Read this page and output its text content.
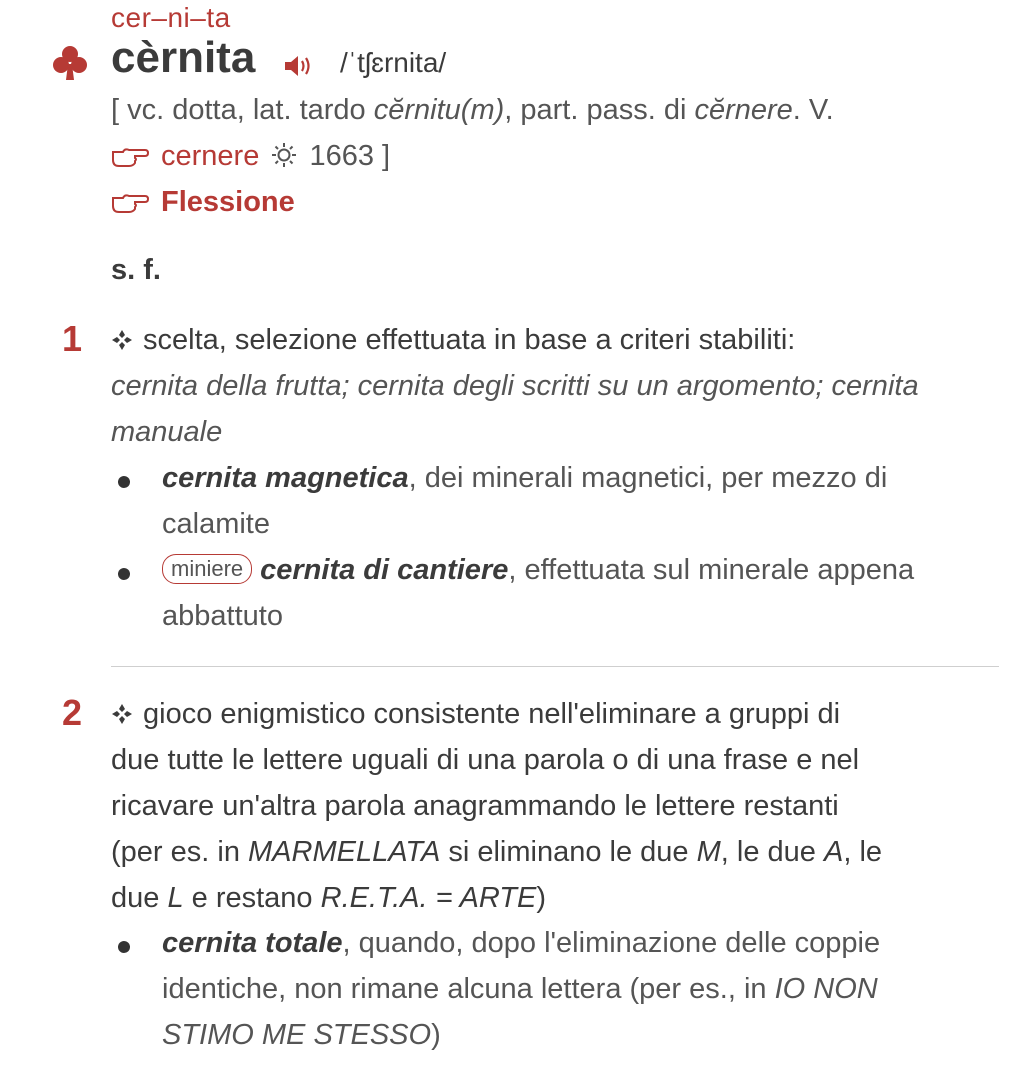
cer–ni–ta
cèrnita	/ˈtʃɛrnita/
[ vc. dotta, lat. tardo cĕrnitu(m), part. pass. di cĕrnere. V.
cernere 1663 ]
Flessione
s. f.
1	scelta, selezione effettuata in base a criteri stabiliti:
cernita della frutta; cernita degli scritti su un argomento; cernita
manuale
cernita magnetica, dei minerali magnetici, per mezzo di
calamite
miniere cernita di cantiere, effettuata sul minerale appena
abbattuto
2	gioco enigmistico consistente nell'eliminare a gruppi di
due tutte le lettere uguali di una parola o di una frase e nel
ricavare un'altra parola anagrammando le lettere restanti
(per es. in MARMELLATA si eliminano le due M, le due A, le
due L e restano R.E.T.A. = ARTE)
cernita totale, quando, dopo l'eliminazione delle coppie
identiche, non rimane alcuna lettera (per es., in IO NON
STIMO ME STESSO)
